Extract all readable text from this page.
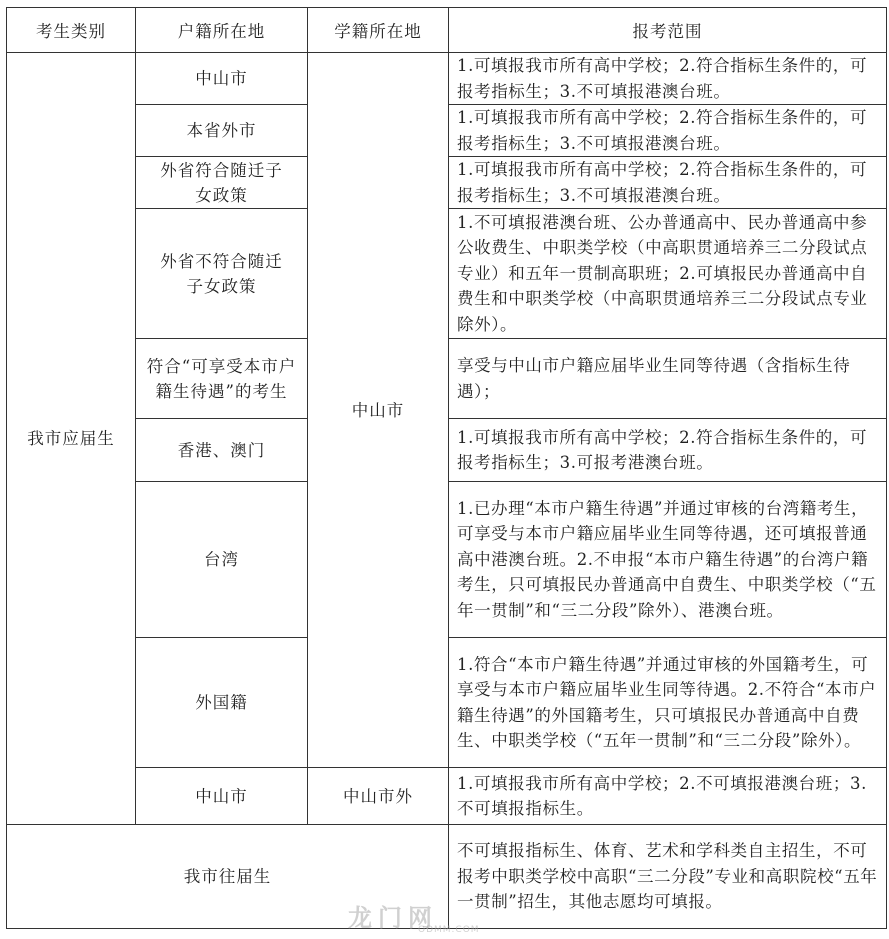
考生类别	户籍所在地	学籍所在地	报考范围
我市应届生	中山市	中山市	1.可填报我市所有高中学校；2.符合指标生条件的，可报考指标生；3.不可填报港澳台班。
	本省外市		1.可填报我市所有高中学校；2.符合指标生条件的，可报考指标生；3.不可填报港澳台班。
	外省符合随迁子女政策		1.可填报我市所有高中学校；2.符合指标生条件的，可报考指标生；3.不可填报港澳台班。
	外省不符合随迁子女政策		1.不可填报港澳台班、公办普通高中、民办普通高中参公收费生、中职类学校（中高职贯通培养三二分段试点专业）和五年一贯制高职班；2.可填报民办普通高中自费生和中职类学校（中高职贯通培养三二分段试点专业除外）。
	符合“可享受本市户籍生待遇”的考生		享受与中山市户籍应届毕业生同等待遇（含指标生待遇）；
	香港、澳门		1.可填报我市所有高中学校；2.符合指标生条件的，可报考指标生；3.可报考港澳台班。
	台湾		1.已办理“本市户籍生待遇”并通过审核的台湾籍考生，可享受与本市户籍应届毕业生同等待遇，还可填报普通高中港澳台班。2.不申报“本市户籍生待遇”的台湾户籍考生，只可填报民办普通高中自费生、中职类学校（“五年一贯制”和“三二分段”除外）、港澳台班。
	外国籍		1.符合“本市户籍生待遇”并通过审核的外国籍考生，可享受与本市户籍应届毕业生同等待遇。2.不符合“本市户籍生待遇”的外国籍考生，只可填报民办普通高中自费生、中职类学校（“五年一贯制”和“三二分段”除外）。
	中山市	中山市外	1.可填报我市所有高中学校；2.不可填报港澳台班；3.不可填报指标生。
我市往届生			不可填报指标生、体育、艺术和学科类自主招生，不可报考中职类学校中高职“三二分段”专业和高职院校“五年一贯制”招生，其他志愿均可填报。
龙门网
ODMM.COM
